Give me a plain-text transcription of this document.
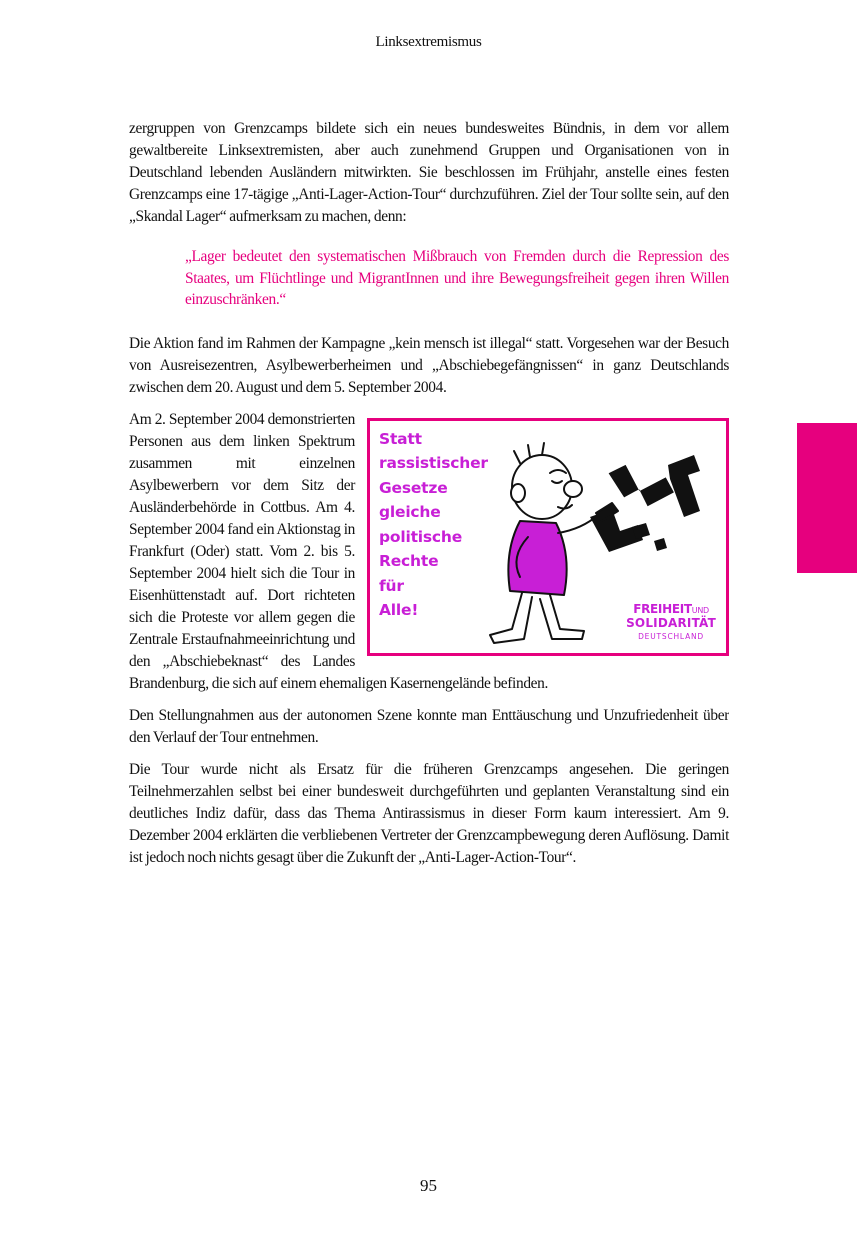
Linksextremismus

zergruppen von Grenzcamps bildete sich ein neues bundesweites Bündnis, in dem vor allem gewaltbereite Linksextremisten, aber auch zunehmend Gruppen und Organisationen von in Deutschland lebenden Ausländern mitwirkten. Sie beschlossen im Frühjahr, anstelle eines festen Grenzcamps eine 17-tägige „Anti-Lager-Action-Tour“ durchzuführen. Ziel der Tour sollte sein, auf den „Skandal Lager“ aufmerksam zu machen, denn:

„Lager bedeutet den systematischen Mißbrauch von Fremden durch die Repression des Staates, um Flüchtlinge und MigrantInnen und ihre Bewegungsfreiheit gegen ihren Willen einzuschränken.“

Die Aktion fand im Rahmen der Kampagne „kein mensch ist illegal“ statt. Vorgesehen war der Besuch von Ausreisezentren, Asylbewerberheimen und „Abschiebegefängnissen“ in ganz Deutschlands zwischen dem 20. August und dem 5. September 2004.

Statt
rassistischer
Gesetze
gleiche
politische
Rechte
für
Alle!	FREIHEITUND
SOLIDARITÄT
DEUTSCHLAND

Am 2. September 2004 demonstrierten Personen aus dem linken Spektrum zusammen mit einzelnen Asylbewerbern vor dem Sitz der Ausländerbehörde in Cottbus. Am 4. September 2004 fand ein Aktionstag in Frankfurt (Oder) statt. Vom 2. bis 5. September 2004 hielt sich die Tour in Eisenhüttenstadt auf. Dort richteten sich die Proteste vor allem gegen die Zentrale Erstaufnahmeeinrichtung und den „Abschiebeknast“ des Landes Brandenburg, die sich auf einem ehemaligen Kasernengelände befinden.

Den Stellungnahmen aus der autonomen Szene konnte man Enttäuschung und Unzufriedenheit über den Verlauf der Tour entnehmen.

Die Tour wurde nicht als Ersatz für die früheren Grenzcamps angesehen. Die geringen Teilnehmerzahlen selbst bei einer bundesweit durchgeführten und geplanten Veranstaltung sind ein deutliches Indiz dafür, dass das Thema Antirassismus in dieser Form kaum interessiert. Am 9. Dezember 2004 erklärten die verbliebenen Vertreter der Grenzcampbewegung deren Auflösung. Damit ist jedoch noch nichts gesagt über die Zukunft der „Anti-Lager-Action-Tour“.

95
